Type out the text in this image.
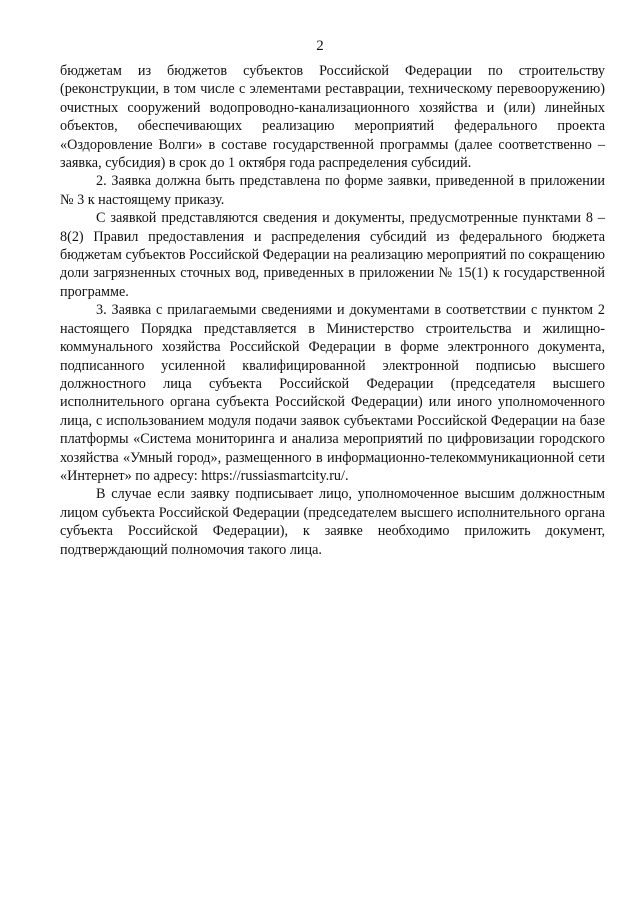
2

бюджетам из бюджетов субъектов Российской Федерации по строительству (реконструкции, в том числе с элементами реставрации, техническому перевооружению) очистных сооружений водопроводно-канализационного хозяйства и (или) линейных объектов, обеспечивающих реализацию мероприятий федерального проекта «Оздоровление Волги» в составе государственной программы (далее соответственно – заявка, субсидия) в срок до 1 октября года распределения субсидий.

2. Заявка должна быть представлена по форме заявки, приведенной в приложении № 3 к настоящему приказу.

С заявкой представляются сведения и документы, предусмотренные пунктами 8 – 8(2) Правил предоставления и распределения субсидий из федерального бюджета бюджетам субъектов Российской Федерации на реализацию мероприятий по сокращению доли загрязненных сточных вод, приведенных в приложении № 15(1) к государственной программе.

3. Заявка с прилагаемыми сведениями и документами в соответствии с пунктом 2 настоящего Порядка представляется в Министерство строительства и жилищно-коммунального хозяйства Российской Федерации в форме электронного документа, подписанного усиленной квалифицированной электронной подписью высшего должностного лица субъекта Российской Федерации (председателя высшего исполнительного органа субъекта Российской Федерации) или иного уполномоченного лица, с использованием модуля подачи заявок субъектами Российской Федерации на базе платформы «Система мониторинга и анализа мероприятий по цифровизации городского хозяйства «Умный город», размещенного в информационно-телекоммуникационной сети «Интернет» по адресу: https://russiasmartcity.ru/.

В случае если заявку подписывает лицо, уполномоченное высшим должностным лицом субъекта Российской Федерации (председателем высшего исполнительного органа субъекта Российской Федерации), к заявке необходимо приложить документ, подтверждающий полномочия такого лица.
